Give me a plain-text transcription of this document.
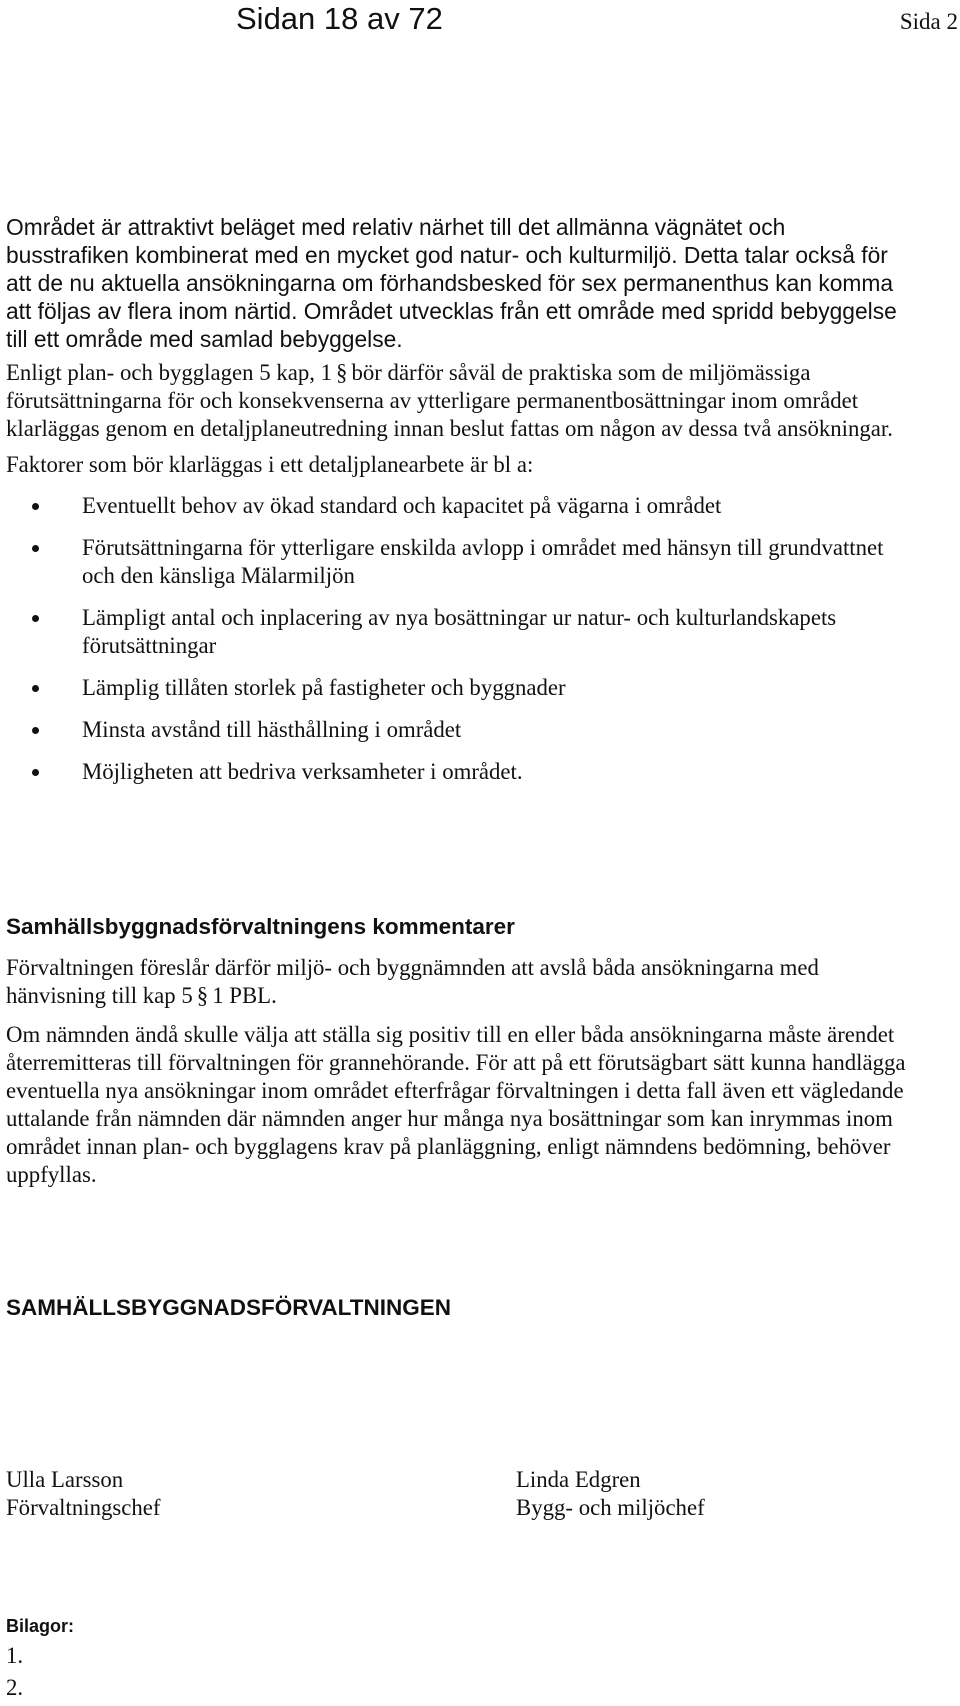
Sidan 18 av 72	Sida 2

Området är attraktivt beläget med relativ närhet till det allmänna vägnätet och busstrafiken kombinerat med en mycket god natur- och kulturmiljö. Detta talar också för att de nu aktuella ansökningarna om förhandsbesked för sex permanenthus kan komma att följas av flera inom närtid. Området utvecklas från ett område med spridd bebyggelse till ett område med samlad bebyggelse.

Enligt plan- och bygglagen 5 kap, 1 § bör därför såväl de praktiska som de miljömässiga förutsättningarna för och konsekvenserna av ytterligare permanentbosättningar inom området klarläggas genom en detaljplaneutredning innan beslut fattas om någon av dessa två ansökningar.

Faktorer som bör klarläggas i ett detaljplanearbete är bl a:

Eventuellt behov av ökad standard och kapacitet på vägarna i området
Förutsättningarna för ytterligare enskilda avlopp i området med hänsyn till grundvattnet och den känsliga Mälarmiljön
Lämpligt antal och inplacering av nya bosättningar ur natur- och kulturlandskapets förutsättningar
Lämplig tillåten storlek på fastigheter och byggnader
Minsta avstånd till hästhållning i området
Möjligheten att bedriva verksamheter i området.
Samhällsbyggnadsförvaltningens kommentarer

Förvaltningen föreslår därför miljö- och byggnämnden att avslå båda ansökningarna med hänvisning till kap 5 § 1 PBL.

Om nämnden ändå skulle välja att ställa sig positiv till en eller båda ansökningarna måste ärendet återremitteras till förvaltningen för grannehörande. För att på ett förutsägbart sätt kunna handlägga eventuella nya ansökningar inom området efterfrågar förvaltningen i detta fall även ett vägledande uttalande från nämnden där nämnden anger hur många nya bosättningar som kan inrymmas inom området innan plan- och bygglagens krav på planläggning, enligt nämndens bedömning, behöver uppfyllas.

SAMHÄLLSBYGGNADSFÖRVALTNINGEN
Ulla Larsson
Förvaltningschef
Linda Edgren
Bygg- och miljöchef
Bilagor:
1.
2.
